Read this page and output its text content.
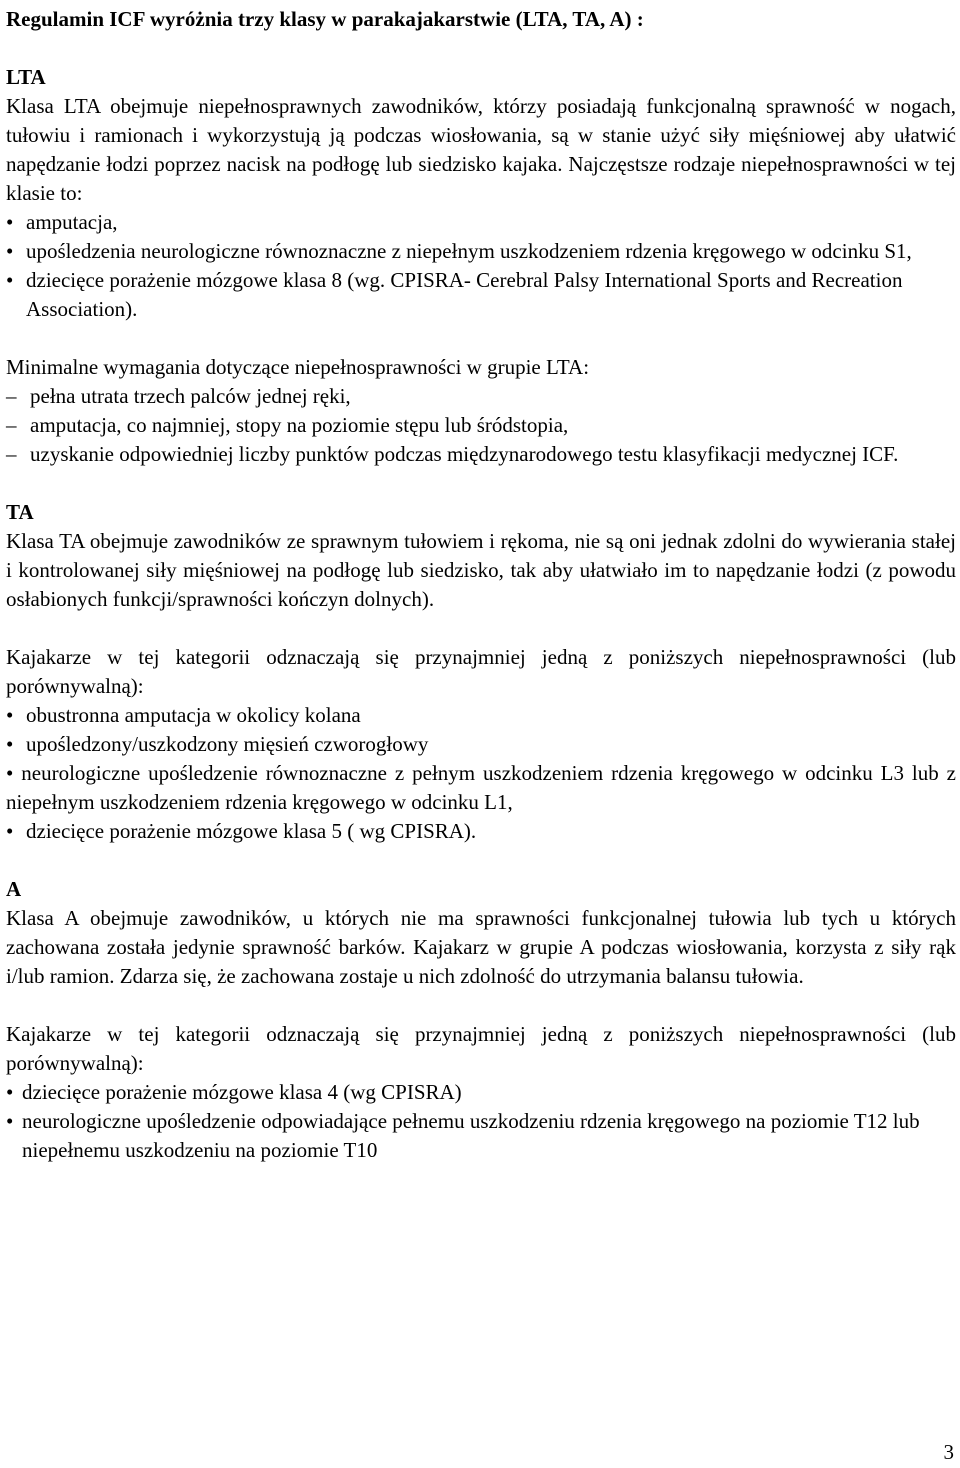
Regulamin ICF wyróżnia trzy klasy w parakajakarstwie (LTA, TA, A) :
LTA

Klasa LTA obejmuje niepełnosprawnych zawodników, którzy posiadają funkcjonalną sprawność w nogach, tułowiu i ramionach i wykorzystują ją podczas wiosłowania, są w stanie użyć siły mięśniowej aby ułatwić napędzanie łodzi poprzez nacisk na podłogę lub siedzisko kajaka. Najczęstsze rodzaje niepełnosprawności w tej klasie to:

• amputacja,
• upośledzenia neurologiczne równoznaczne z niepełnym uszkodzeniem rdzenia kręgowego w odcinku S1,
• dziecięce porażenie mózgowe klasa 8 (wg. CPISRA- Cerebral Palsy International Sports and Recreation Association).

Minimalne wymagania dotyczące niepełnosprawności w grupie LTA:

– pełna utrata trzech palców jednej ręki,
– amputacja, co najmniej, stopy na poziomie stępu lub śródstopia,
– uzyskanie odpowiedniej liczby punktów podczas międzynarodowego testu klasyfikacji medycznej ICF.
TA

Klasa TA obejmuje zawodników ze sprawnym tułowiem i rękoma, nie są oni jednak zdolni do wywierania stałej i kontrolowanej siły mięśniowej na podłogę lub siedzisko, tak aby ułatwiało im to napędzanie łodzi (z powodu osłabionych funkcji/sprawności kończyn dolnych).

Kajakarze w tej kategorii odznaczają się przynajmniej jedną z poniższych niepełnosprawności (lub porównywalną):

• obustronna amputacja w okolicy kolana
• upośledzony/uszkodzony mięsień czworogłowy
• neurologiczne upośledzenie równoznaczne z pełnym uszkodzeniem rdzenia kręgowego w odcinku L3 lub z niepełnym uszkodzeniem rdzenia kręgowego w odcinku L1,
• dziecięce porażenie mózgowe klasa 5 ( wg CPISRA).
A

Klasa A obejmuje zawodników, u których nie ma sprawności funkcjonalnej tułowia lub tych u których zachowana została jedynie sprawność barków. Kajakarz w grupie A podczas wiosłowania, korzysta z siły rąk i/lub ramion. Zdarza się, że zachowana zostaje u nich zdolność do utrzymania balansu tułowia.

Kajakarze w tej kategorii odznaczają się przynajmniej jedną z poniższych niepełnosprawności (lub porównywalną):

• dziecięce porażenie mózgowe klasa 4 (wg CPISRA)
• neurologiczne upośledzenie odpowiadające pełnemu uszkodzeniu rdzenia kręgowego na poziomie T12 lub niepełnemu uszkodzeniu na poziomie T10
3
